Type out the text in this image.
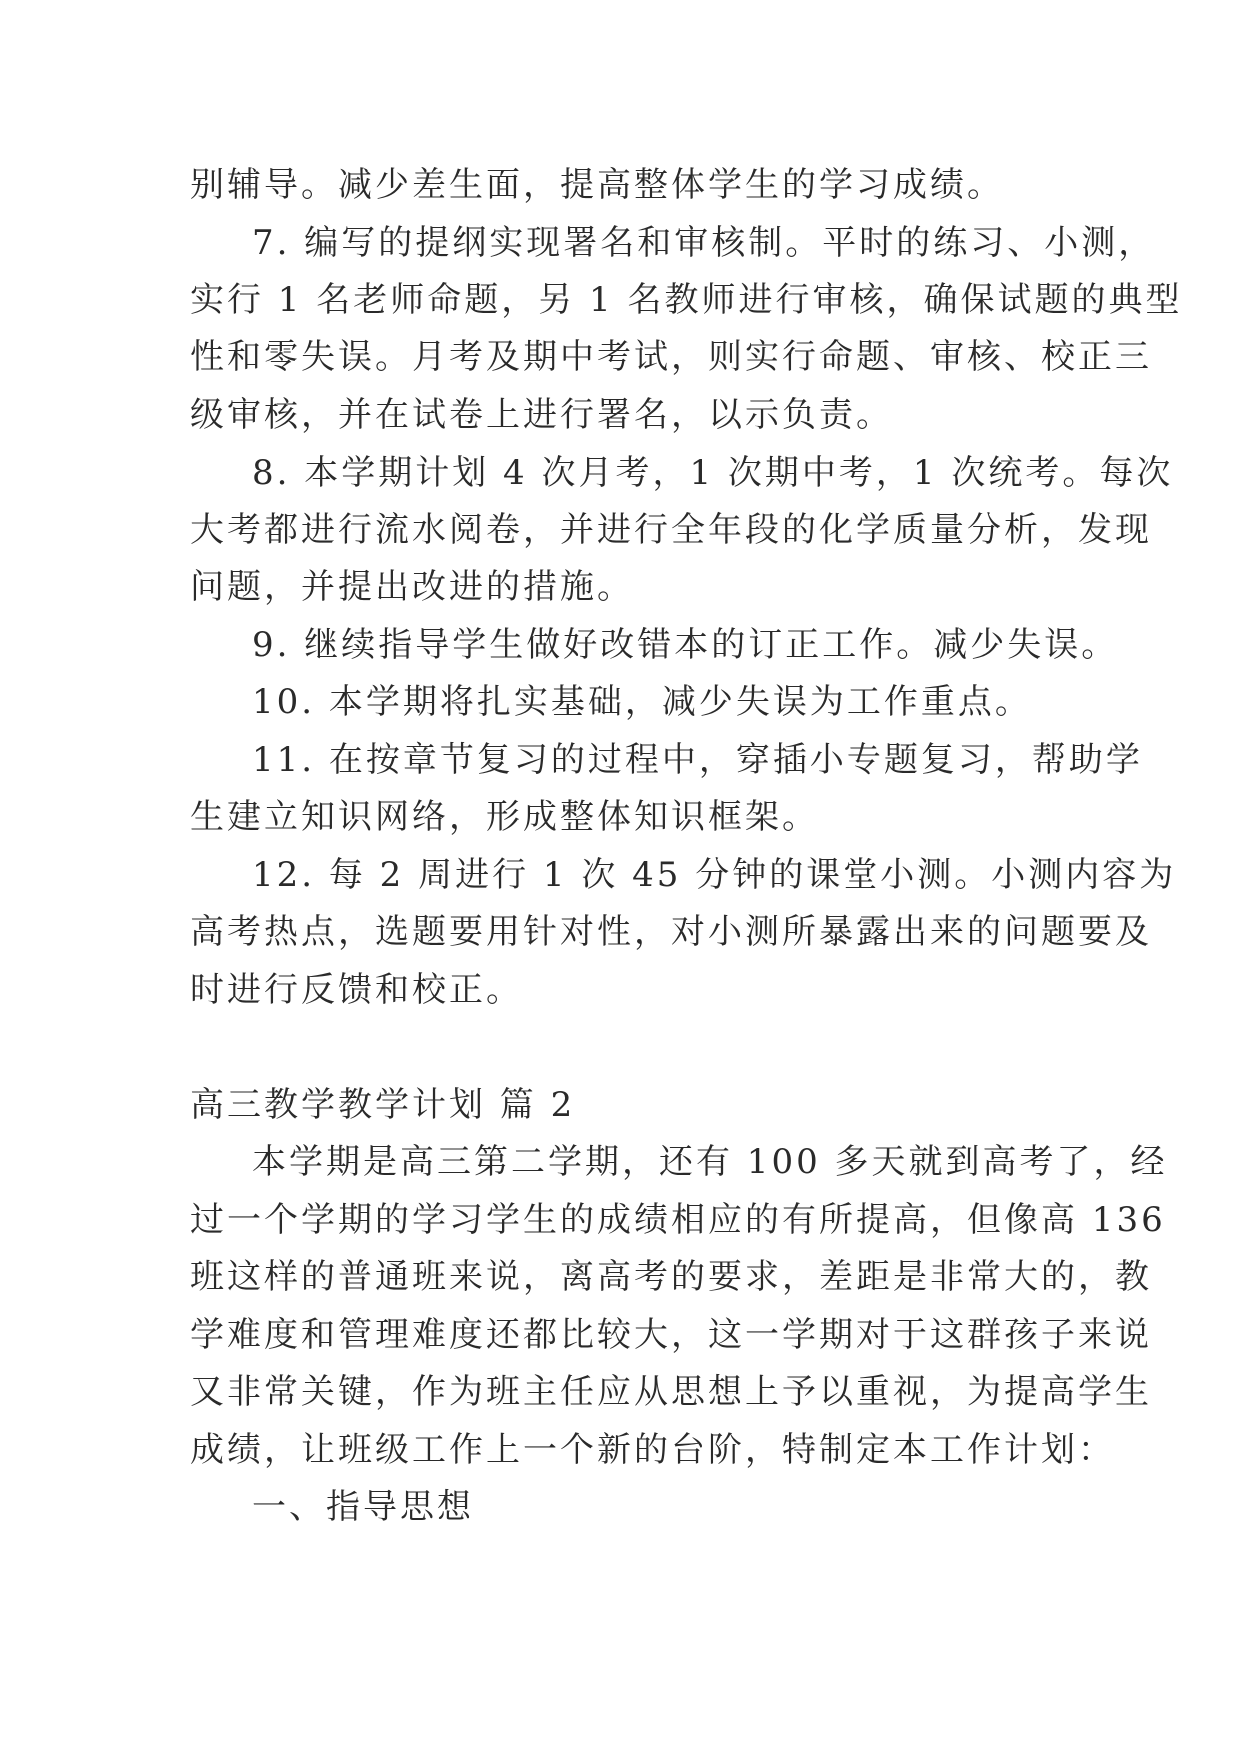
别辅导。减少差生面，提高整体学生的学习成绩。
7. 编写的提纲实现署名和审核制。平时的练习、小测，
实行 1 名老师命题，另 1 名教师进行审核，确保试题的典型
性和零失误。月考及期中考试，则实行命题、审核、校正三
级审核，并在试卷上进行署名，以示负责。
8. 本学期计划 4 次月考，1 次期中考，1 次统考。每次
大考都进行流水阅卷，并进行全年段的化学质量分析，发现
问题，并提出改进的措施。
9. 继续指导学生做好改错本的订正工作。减少失误。
10. 本学期将扎实基础，减少失误为工作重点。
11. 在按章节复习的过程中，穿插小专题复习，帮助学
生建立知识网络，形成整体知识框架。
12. 每 2 周进行 1 次 45 分钟的课堂小测。小测内容为
高考热点，选题要用针对性，对小测所暴露出来的问题要及
时进行反馈和校正。
高三教学教学计划 篇 2
本学期是高三第二学期，还有 100 多天就到高考了，经
过一个学期的学习学生的成绩相应的有所提高，但像高 136
班这样的普通班来说，离高考的要求，差距是非常大的，教
学难度和管理难度还都比较大，这一学期对于这群孩子来说
又非常关键，作为班主任应从思想上予以重视，为提高学生
成绩，让班级工作上一个新的台阶，特制定本工作计划：
一、指导思想
